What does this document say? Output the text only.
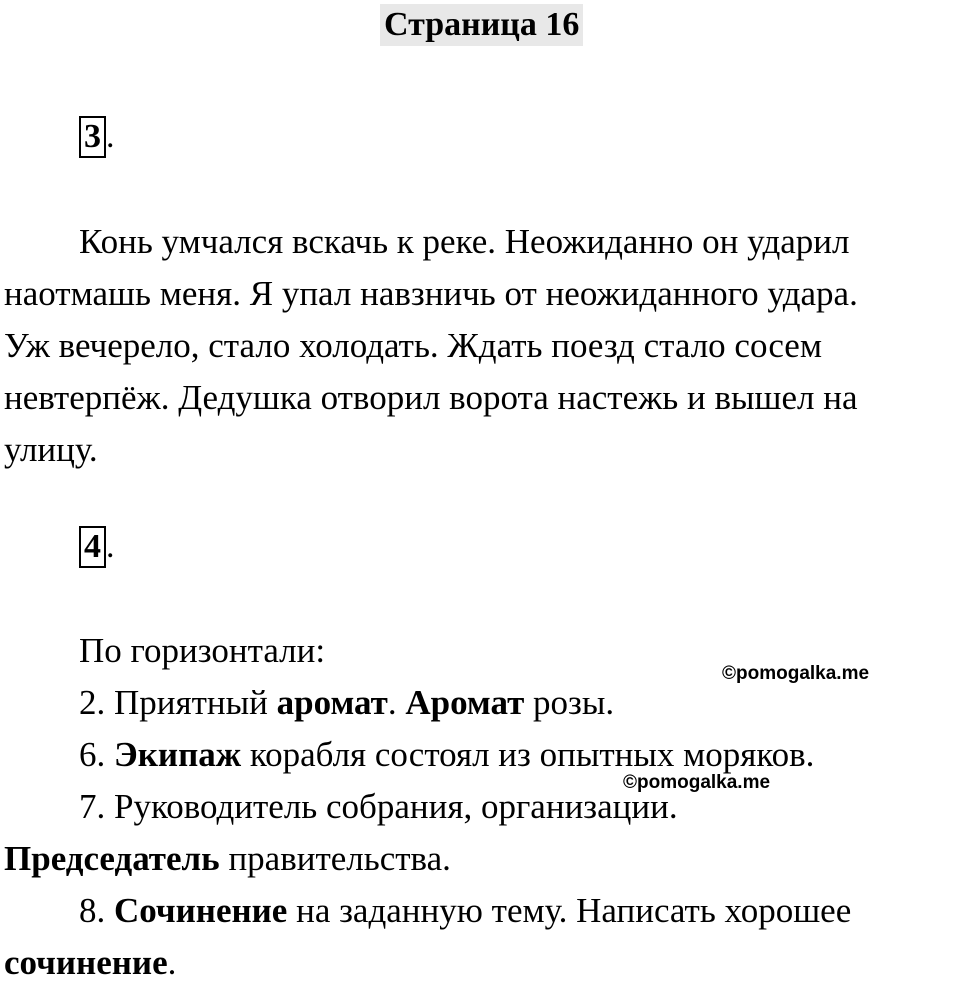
Страница 16
3 .
Конь умчался вскачь к реке. Неожиданно он ударил
наотмашь меня. Я упал навзничь от неожиданного удара.
Уж вечерело, стало холодать. Ждать поезд стало сосем
невтерпёж. Дедушка отворил ворота настежь и вышел на
улицу.
4 .
По горизонтали:
©pomogalka.me
2. Приятный аромат. Аромат розы.
6. Экипаж корабля состоял из опытных моряков.
©pomogalka.me
7. Руководитель собрания, организации.
Председатель правительства.
8. Сочинение на заданную тему. Написать хорошее
сочинение.
